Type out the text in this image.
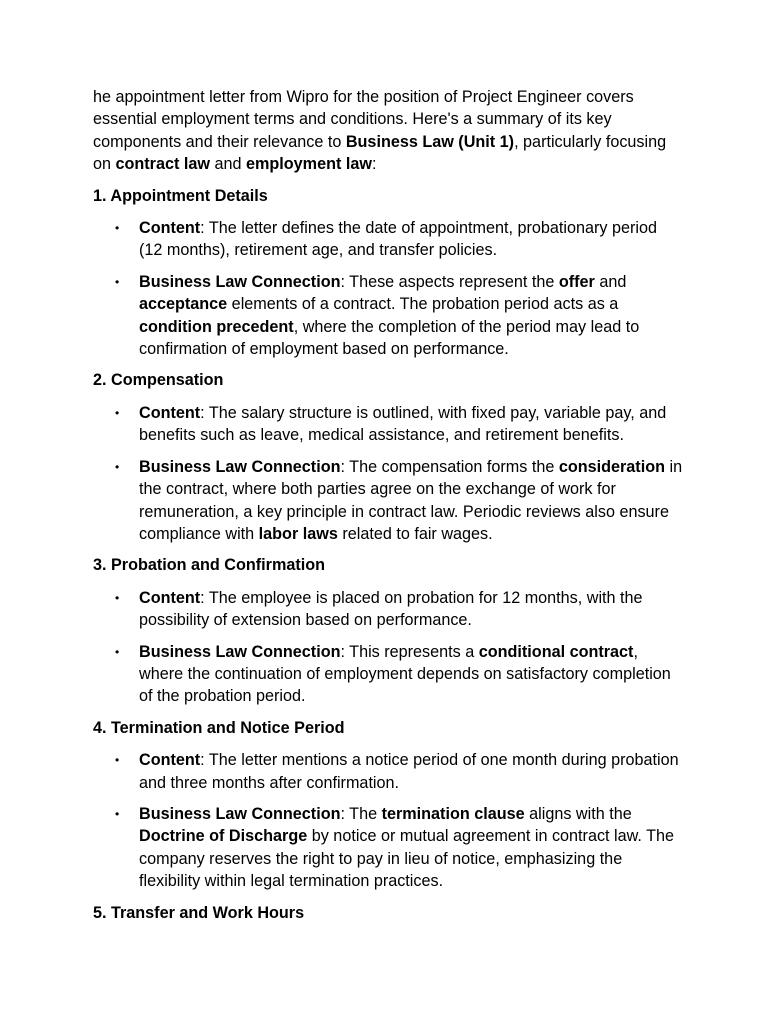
he appointment letter from Wipro for the position of Project Engineer covers essential employment terms and conditions. Here's a summary of its key components and their relevance to Business Law (Unit 1), particularly focusing on contract law and employment law:

1. Appointment Details

• Content: The letter defines the date of appointment, probationary period (12 months), retirement age, and transfer policies.
• Business Law Connection: These aspects represent the offer and acceptance elements of a contract. The probation period acts as a condition precedent, where the completion of the period may lead to confirmation of employment based on performance.

2. Compensation

• Content: The salary structure is outlined, with fixed pay, variable pay, and benefits such as leave, medical assistance, and retirement benefits.
• Business Law Connection: The compensation forms the consideration in the contract, where both parties agree on the exchange of work for remuneration, a key principle in contract law. Periodic reviews also ensure compliance with labor laws related to fair wages.

3. Probation and Confirmation

• Content: The employee is placed on probation for 12 months, with the possibility of extension based on performance.
• Business Law Connection: This represents a conditional contract, where the continuation of employment depends on satisfactory completion of the probation period.

4. Termination and Notice Period

• Content: The letter mentions a notice period of one month during probation and three months after confirmation.
• Business Law Connection: The termination clause aligns with the Doctrine of Discharge by notice or mutual agreement in contract law. The company reserves the right to pay in lieu of notice, emphasizing the flexibility within legal termination practices.

5. Transfer and Work Hours
